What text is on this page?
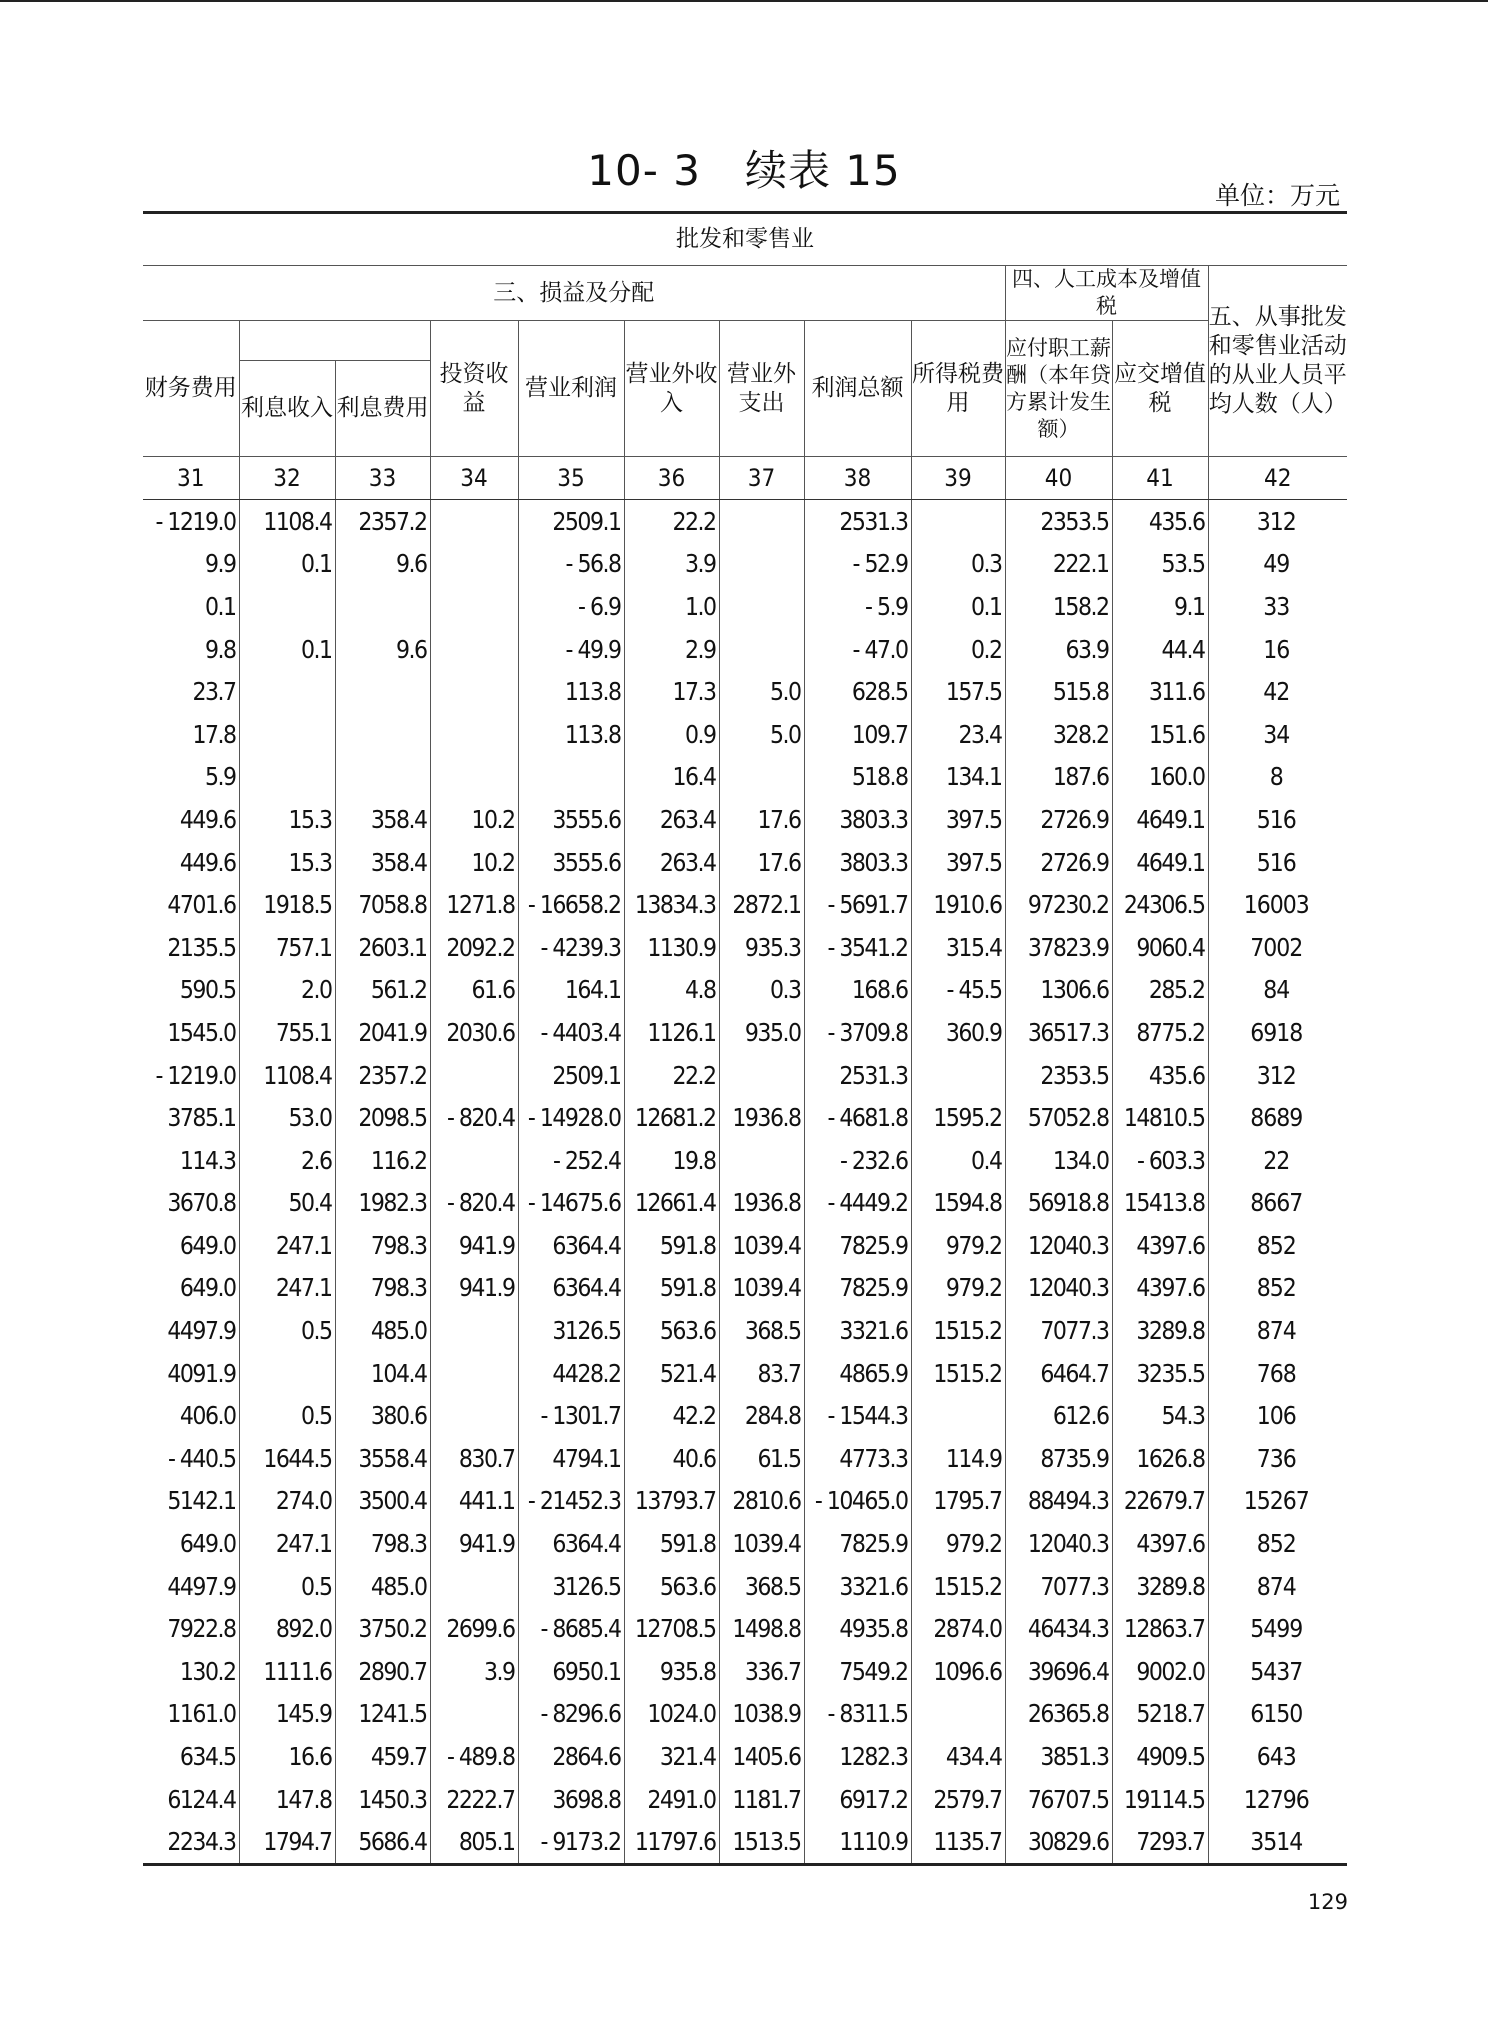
10- 3 续表 15
单位：万元
批发和零售业											
三、损益及分配									四、人工成本及增值税		五、从事批发和零售业活动的从业人员平均人数（人）
财务费用			投资收益	营业利润	营业外收入	营业外支出	利润总额	所得税费用	应付职工薪酬（本年贷方累计发生额）	应交增值税	
	利息收入	利息费用									
31	32	33	34	35	36	37	38	39	40	41	42
- 1219.0	1108.4	2357.2		2509.1	22.2		2531.3		2353.5	435.6	312
9.9	0.1	9.6		- 56.8	3.9		- 52.9	0.3	222.1	53.5	49
0.1				- 6.9	1.0		- 5.9	0.1	158.2	9.1	33
9.8	0.1	9.6		- 49.9	2.9		- 47.0	0.2	63.9	44.4	16
23.7				113.8	17.3	5.0	628.5	157.5	515.8	311.6	42
17.8				113.8	0.9	5.0	109.7	23.4	328.2	151.6	34
5.9					16.4		518.8	134.1	187.6	160.0	8
449.6	15.3	358.4	10.2	3555.6	263.4	17.6	3803.3	397.5	2726.9	4649.1	516
449.6	15.3	358.4	10.2	3555.6	263.4	17.6	3803.3	397.5	2726.9	4649.1	516
4701.6	1918.5	7058.8	1271.8	- 16658.2	13834.3	2872.1	- 5691.7	1910.6	97230.2	24306.5	16003
2135.5	757.1	2603.1	2092.2	- 4239.3	1130.9	935.3	- 3541.2	315.4	37823.9	9060.4	7002
590.5	2.0	561.2	61.6	164.1	4.8	0.3	168.6	- 45.5	1306.6	285.2	84
1545.0	755.1	2041.9	2030.6	- 4403.4	1126.1	935.0	- 3709.8	360.9	36517.3	8775.2	6918
- 1219.0	1108.4	2357.2		2509.1	22.2		2531.3		2353.5	435.6	312
3785.1	53.0	2098.5	- 820.4	- 14928.0	12681.2	1936.8	- 4681.8	1595.2	57052.8	14810.5	8689
114.3	2.6	116.2		- 252.4	19.8		- 232.6	0.4	134.0	- 603.3	22
3670.8	50.4	1982.3	- 820.4	- 14675.6	12661.4	1936.8	- 4449.2	1594.8	56918.8	15413.8	8667
649.0	247.1	798.3	941.9	6364.4	591.8	1039.4	7825.9	979.2	12040.3	4397.6	852
649.0	247.1	798.3	941.9	6364.4	591.8	1039.4	7825.9	979.2	12040.3	4397.6	852
4497.9	0.5	485.0		3126.5	563.6	368.5	3321.6	1515.2	7077.3	3289.8	874
4091.9		104.4		4428.2	521.4	83.7	4865.9	1515.2	6464.7	3235.5	768
406.0	0.5	380.6		- 1301.7	42.2	284.8	- 1544.3		612.6	54.3	106
- 440.5	1644.5	3558.4	830.7	4794.1	40.6	61.5	4773.3	114.9	8735.9	1626.8	736
5142.1	274.0	3500.4	441.1	- 21452.3	13793.7	2810.6	- 10465.0	1795.7	88494.3	22679.7	15267
649.0	247.1	798.3	941.9	6364.4	591.8	1039.4	7825.9	979.2	12040.3	4397.6	852
4497.9	0.5	485.0		3126.5	563.6	368.5	3321.6	1515.2	7077.3	3289.8	874
7922.8	892.0	3750.2	2699.6	- 8685.4	12708.5	1498.8	4935.8	2874.0	46434.3	12863.7	5499
130.2	1111.6	2890.7	3.9	6950.1	935.8	336.7	7549.2	1096.6	39696.4	9002.0	5437
1161.0	145.9	1241.5		- 8296.6	1024.0	1038.9	- 8311.5		26365.8	5218.7	6150
634.5	16.6	459.7	- 489.8	2864.6	321.4	1405.6	1282.3	434.4	3851.3	4909.5	643
6124.4	147.8	1450.3	2222.7	3698.8	2491.0	1181.7	6917.2	2579.7	76707.5	19114.5	12796
2234.3	1794.7	5686.4	805.1	- 9173.2	11797.6	1513.5	1110.9	1135.7	30829.6	7293.7	3514
129
